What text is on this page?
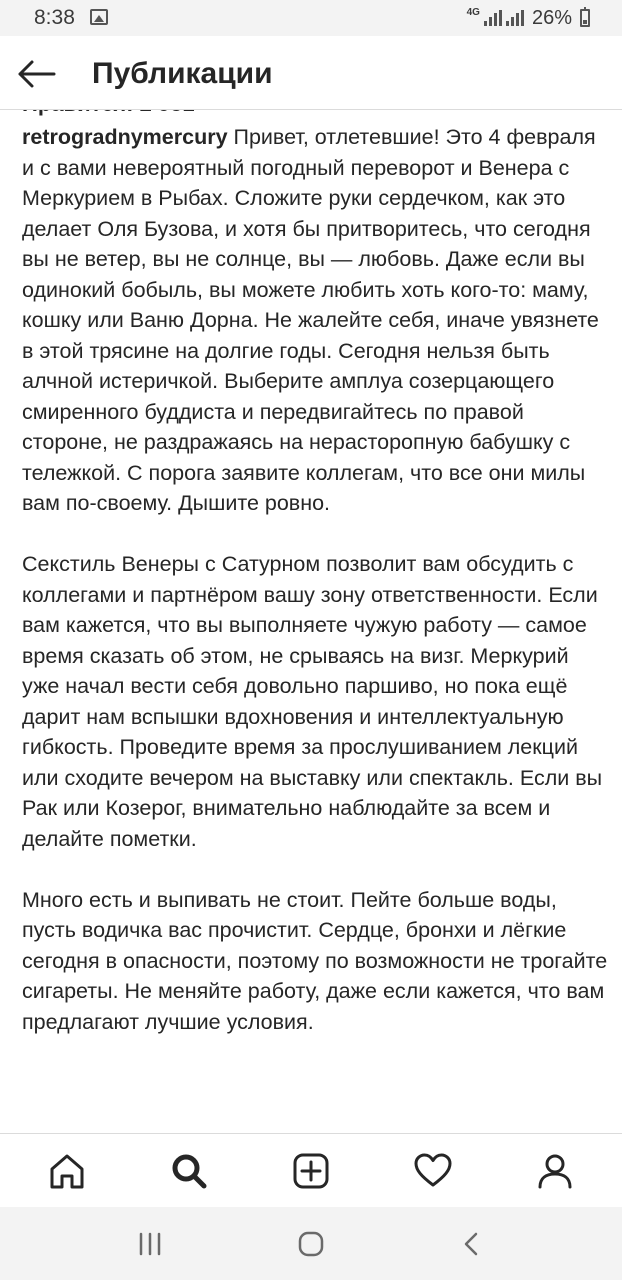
8:38	4G	26%
Публикации

retrogradnymercury Привет, отлетевшие! Это 4 февраля и с вами невероятный погодный переворот и Венера с Меркурием в Рыбах. Сложите руки сердечком, как это делает Оля Бузова, и хотя бы притворитесь, что сегодня вы не ветер, вы не солнце, вы — любовь. Даже если вы одинокий бобыль, вы можете любить хоть кого-то: маму, кошку или Ваню Дорна. Не жалейте себя, иначе увязнете в этой трясине на долгие годы. Сегодня нельзя быть алчной истеричкой. Выберите амплуа созерцающего смиренного буддиста и передвигайтесь по правой стороне, не раздражаясь на нерасторопную бабушку с тележкой. С порога заявите коллегам, что все они милы вам по-своему. Дышите ровно.

Секстиль Венеры с Сатурном позволит вам обсудить с коллегами и партнёром вашу зону ответственности. Если вам кажется, что вы выполняете чужую работу — самое время сказать об этом, не срываясь на визг. Меркурий уже начал вести себя довольно паршиво, но пока ещё дарит нам вспышки вдохновения и интеллектуальную гибкость. Проведите время за прослушиванием лекций или сходите вечером на выставку или спектакль. Если вы Рак или Козерог, внимательно наблюдайте за всем и делайте пометки.

Много есть и выпивать не стоит. Пейте больше воды, пусть водичка вас прочистит. Сердце, бронхи и лёгкие сегодня в опасности, поэтому по возможности не трогайте сигареты. Не меняйте работу, даже если кажется, что вам предлагают лучшие условия.
